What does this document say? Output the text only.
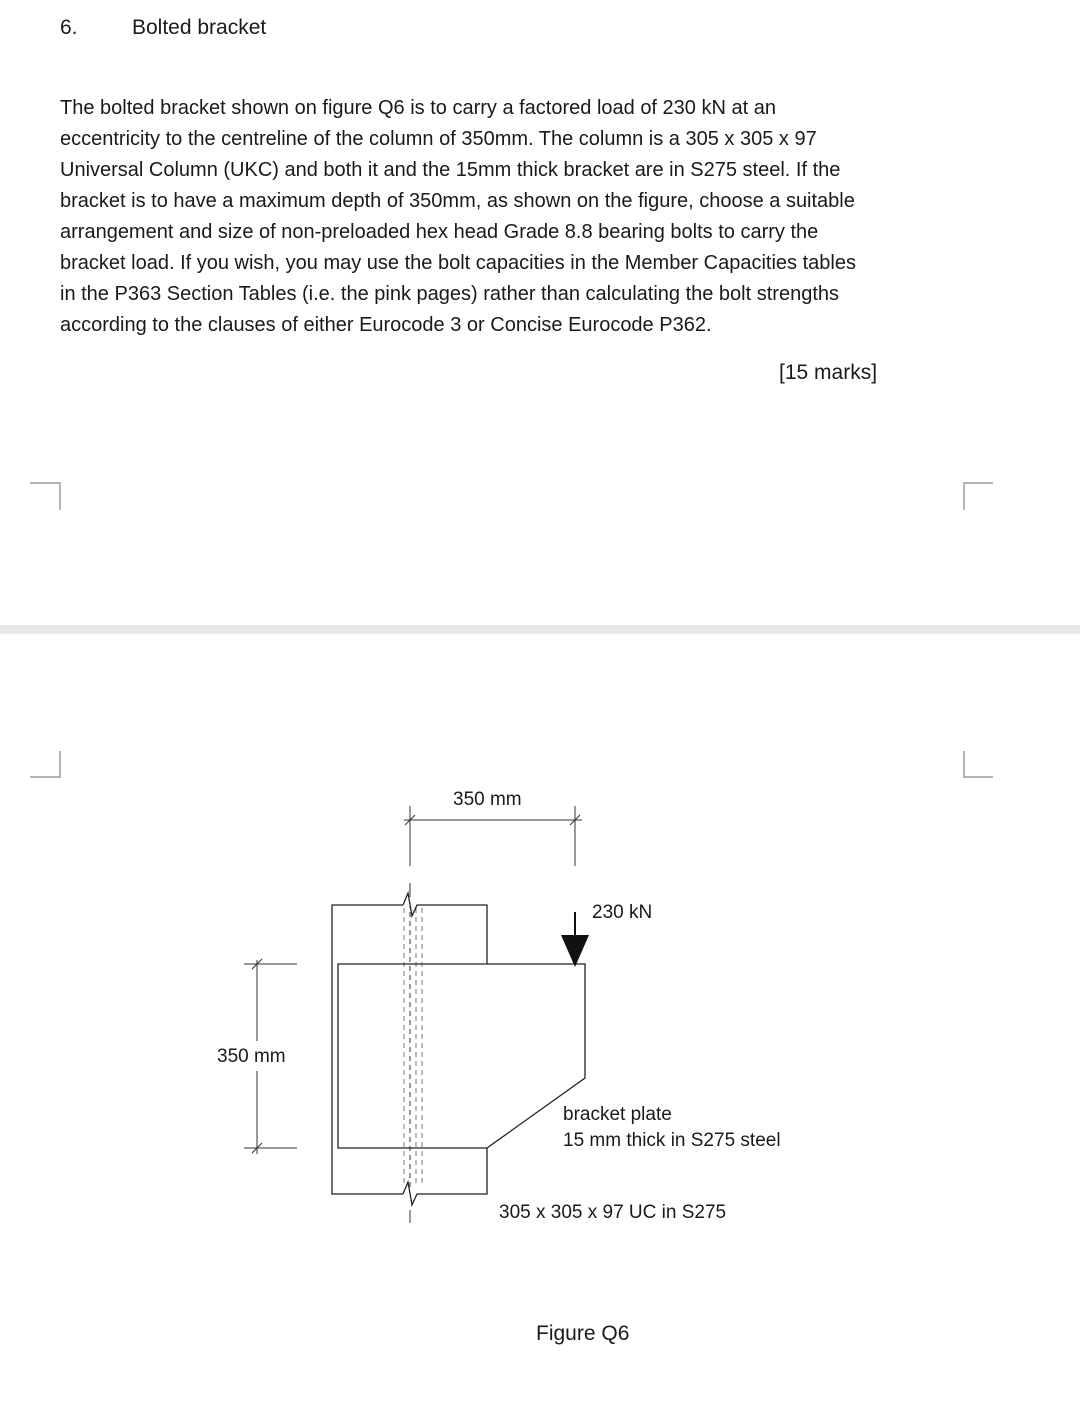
6.	Bolted bracket

The bolted bracket shown on figure Q6 is to carry a factored load of 230 kN at an
eccentricity to the centreline of the column of 350mm. The column is a 305 x 305 x 97
Universal Column (UKC) and both it and the 15mm thick bracket are in S275 steel. If the
bracket is to have a maximum depth of 350mm, as shown on the figure, choose a suitable
arrangement and size of non-preloaded hex head Grade 8.8 bearing bolts to carry the
bracket load. If you wish, you may use the bolt capacities in the Member Capacities tables
in the P363 Section Tables (i.e. the pink pages) rather than calculating the bolt strengths
according to the clauses of either Eurocode 3 or Concise Eurocode P362.

[15 marks]
350 mm
350 mm
230 kN
bracket plate
15 mm thick in S275 steel
305 x 305 x 97 UC in S275
Figure Q6
